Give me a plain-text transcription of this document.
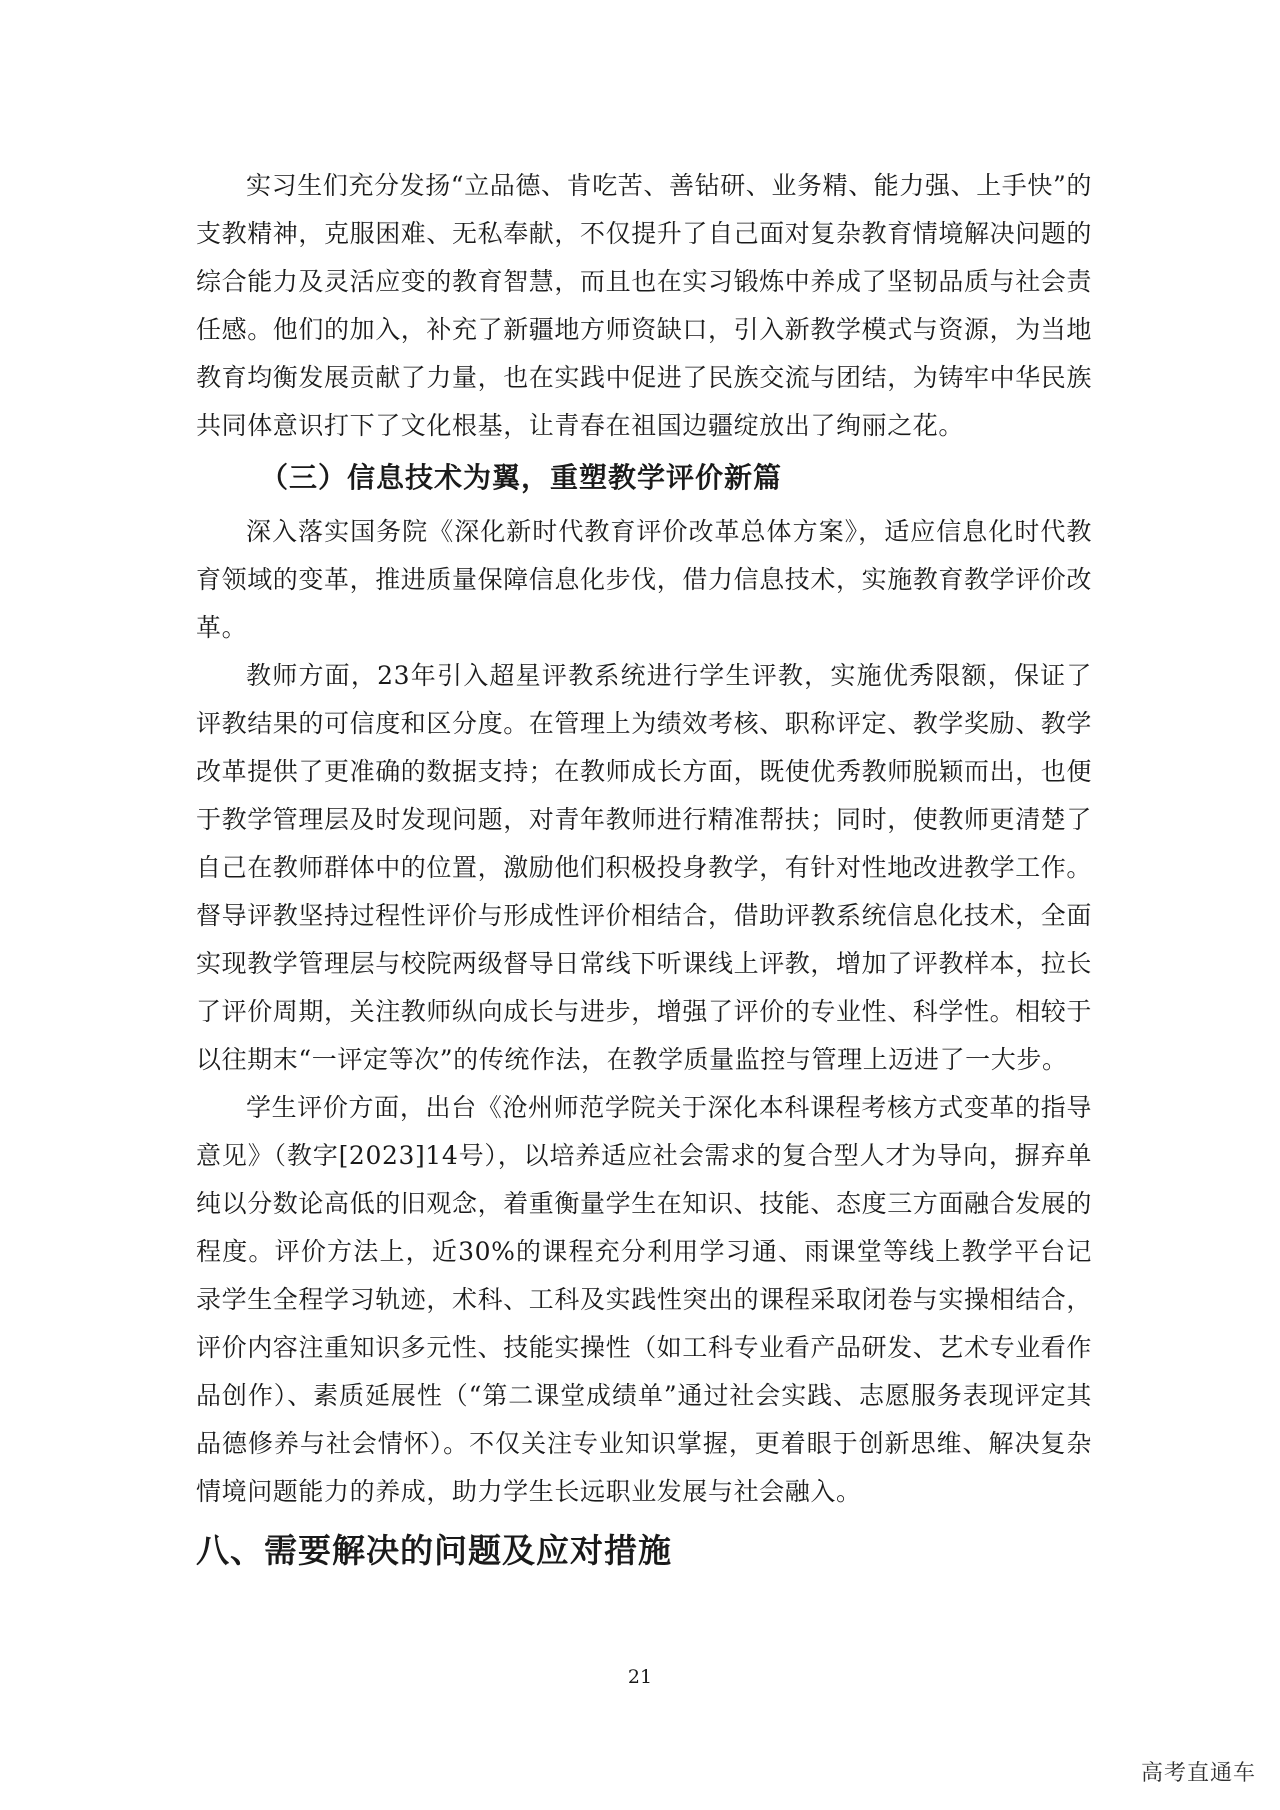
实习生们充分发扬“立品德、肯吃苦、善钻研、业务精、能力强、上手快”的支教精神，克服困难、无私奉献，不仅提升了自己面对复杂教育情境解决问题的综合能力及灵活应变的教育智慧，而且也在实习锻炼中养成了坚韧品质与社会责任感。他们的加入，补充了新疆地方师资缺口，引入新教学模式与资源，为当地教育均衡发展贡献了力量，也在实践中促进了民族交流与团结，为铸牢中华民族共同体意识打下了文化根基，让青春在祖国边疆绽放出了绚丽之花。

（三）信息技术为翼，重塑教学评价新篇

深入落实国务院《深化新时代教育评价改革总体方案》，适应信息化时代教育领域的变革，推进质量保障信息化步伐，借力信息技术，实施教育教学评价改革。

教师方面，23年引入超星评教系统进行学生评教，实施优秀限额，保证了评教结果的可信度和区分度。在管理上为绩效考核、职称评定、教学奖励、教学改革提供了更准确的数据支持；在教师成长方面，既使优秀教师脱颖而出，也便于教学管理层及时发现问题，对青年教师进行精准帮扶；同时，使教师更清楚了自己在教师群体中的位置，激励他们积极投身教学，有针对性地改进教学工作。督导评教坚持过程性评价与形成性评价相结合，借助评教系统信息化技术，全面实现教学管理层与校院两级督导日常线下听课线上评教，增加了评教样本，拉长了评价周期，关注教师纵向成长与进步，增强了评价的专业性、科学性。相较于以往期末“一评定等次”的传统作法，在教学质量监控与管理上迈进了一大步。

学生评价方面，出台《沧州师范学院关于深化本科课程考核方式变革的指导意见》（教字[2023]14号），以培养适应社会需求的复合型人才为导向，摒弃单纯以分数论高低的旧观念，着重衡量学生在知识、技能、态度三方面融合发展的程度。评价方法上，近30%的课程充分利用学习通、雨课堂等线上教学平台记录学生全程学习轨迹，术科、工科及实践性突出的课程采取闭卷与实操相结合，评价内容注重知识多元性、技能实操性（如工科专业看产品研发、艺术专业看作品创作）、素质延展性（“第二课堂成绩单”通过社会实践、志愿服务表现评定其品德修养与社会情怀）。不仅关注专业知识掌握，更着眼于创新思维、解决复杂情境问题能力的养成，助力学生长远职业发展与社会融入。

八、需要解决的问题及应对措施
21
高考直通车
